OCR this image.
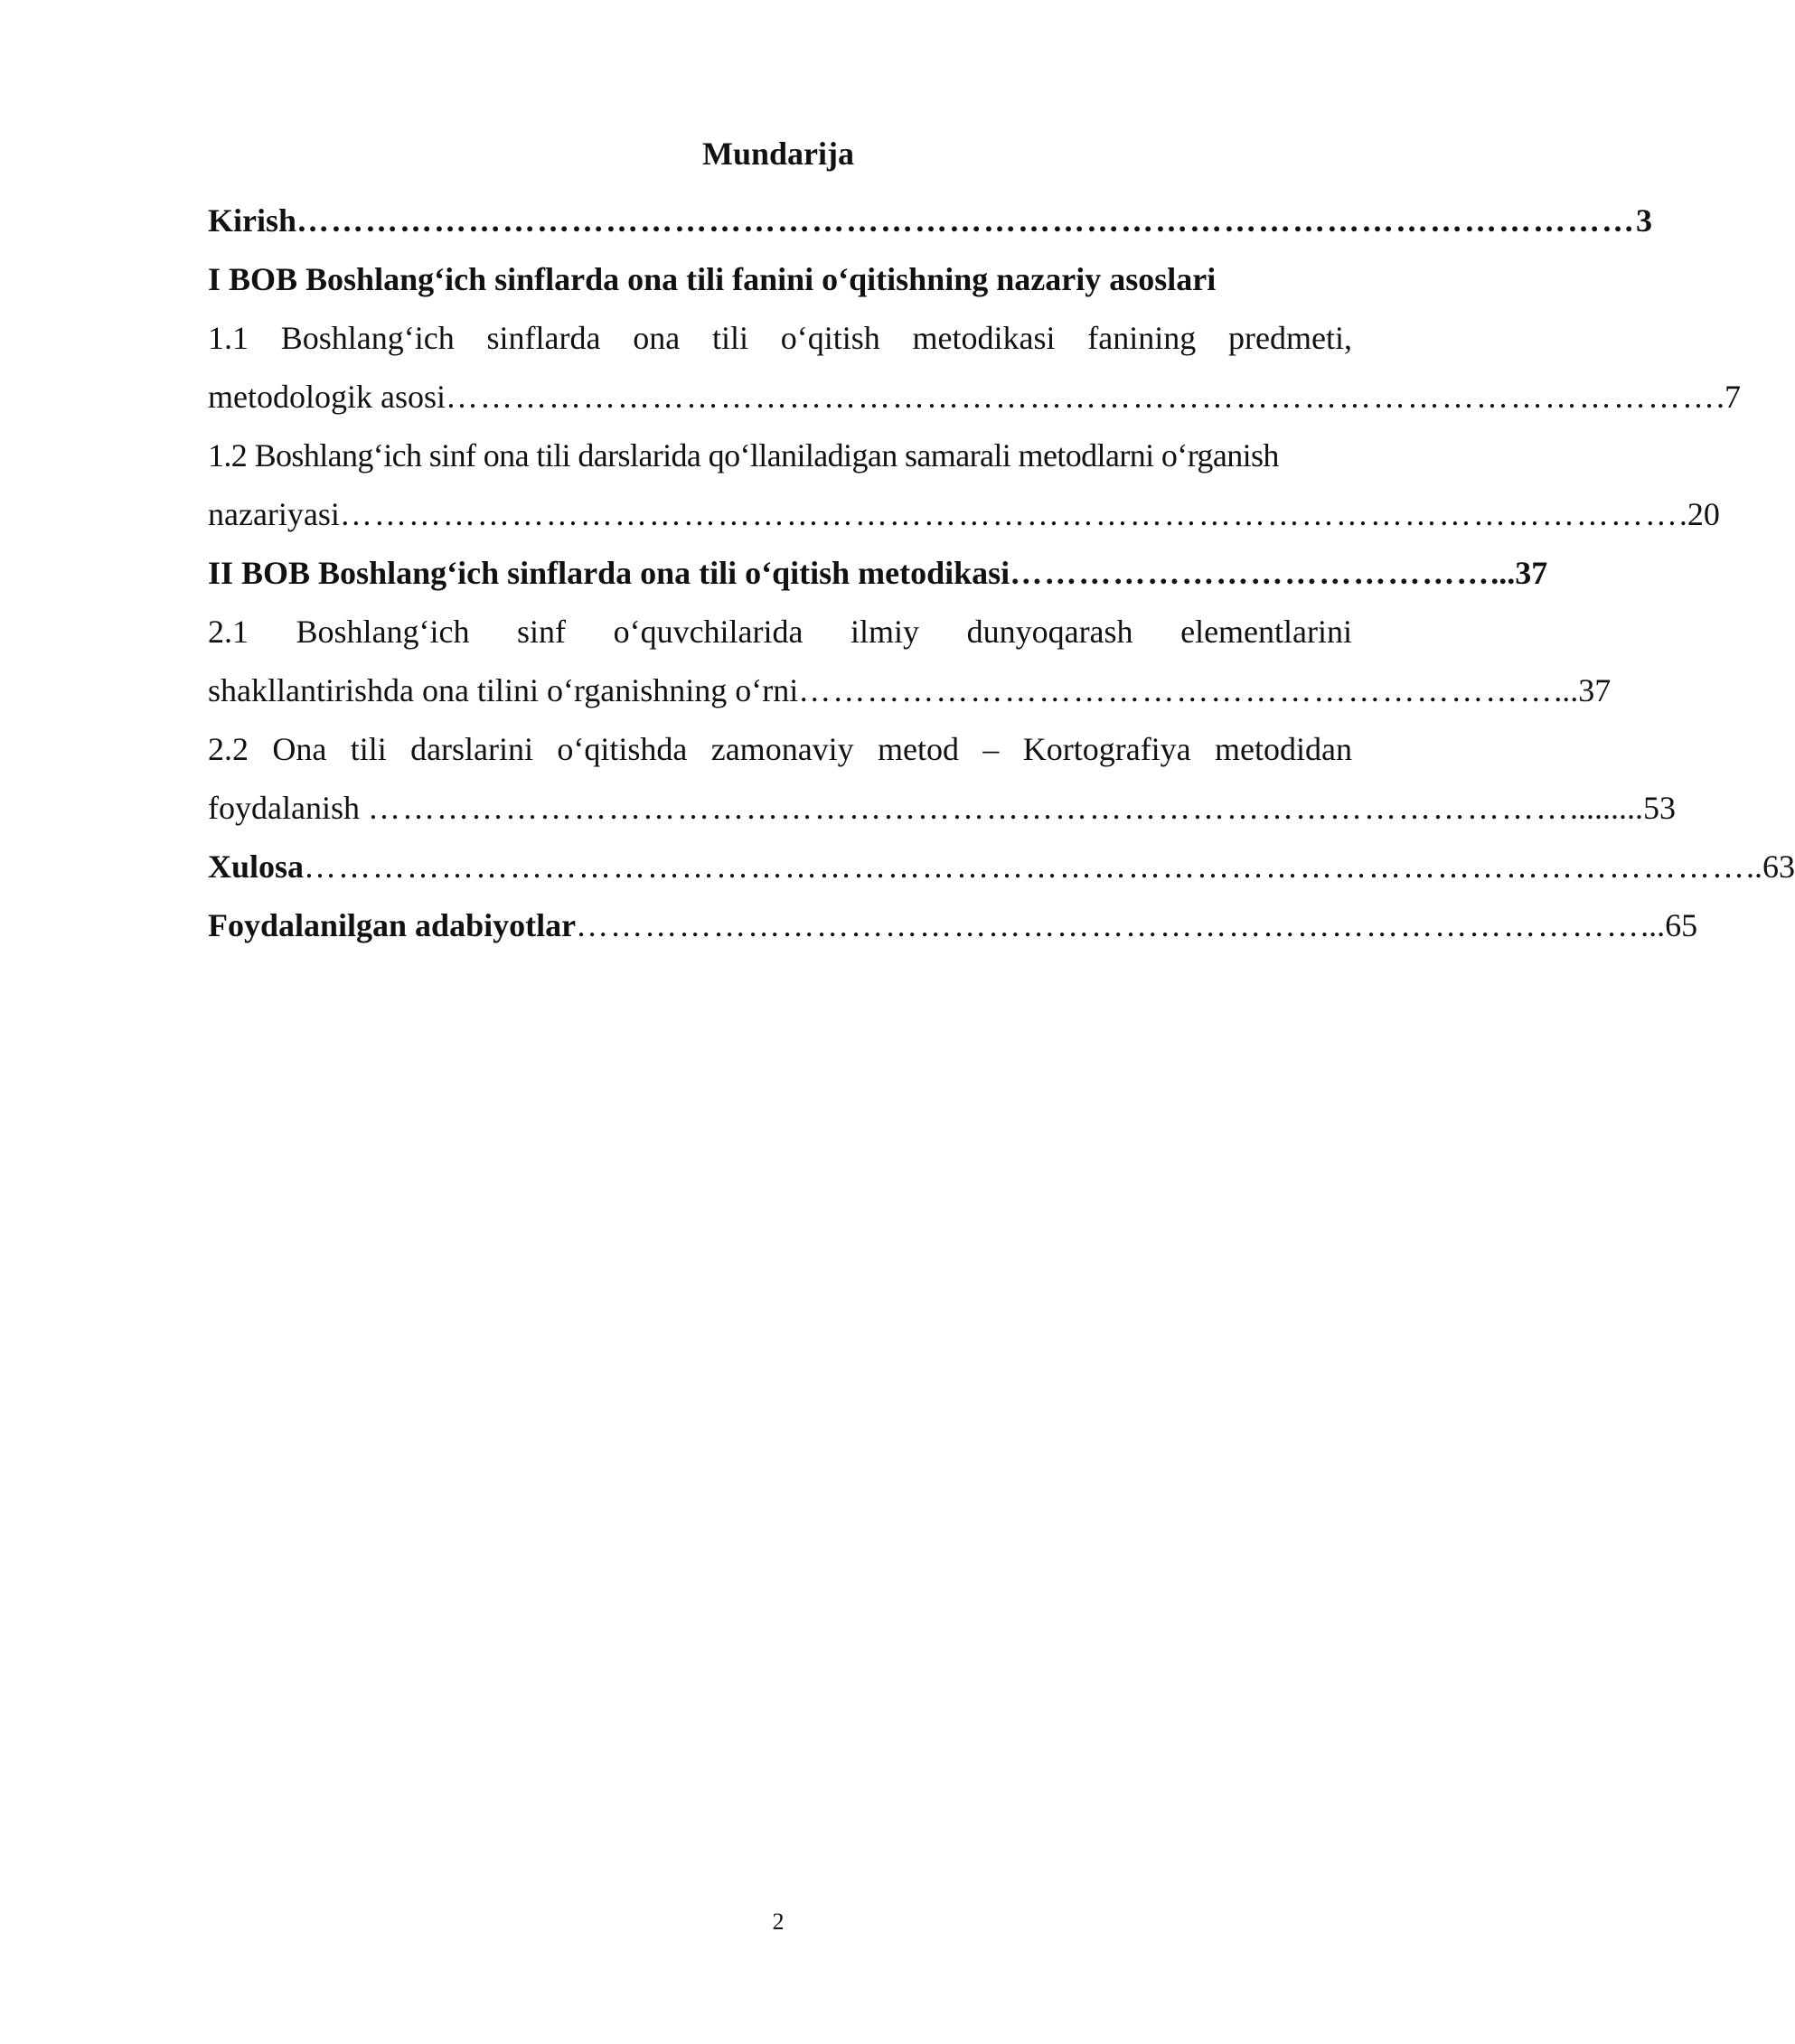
Mundarija
Kirish ……………………………………………………………………………………………………… 3
I BOB Boshlang‘ich sinflarda ona tili fanini o‘qitishning nazariy asoslari
1.1 Boshlang‘ich sinflarda ona tili o‘qitish metodikasi fanining predmeti,
metodologik asosi ………………………………………………………………………………………………… .7
1.2 Boshlang‘ich sinf ona tili darslarida qo‘llaniladigan samarali metodlarni o‘rganish
nazariyasi ……………………………………………………………………………………………………… .20
II BOB Boshlang‘ich sinflarda ona tili o‘qitish metodikasi …………………………………… ...37
2.1 Boshlang‘ich sinf o‘quvchilarida ilmiy dunyoqarash elementlarini
shakllantirishda ona tilini o‘rganishning o‘rni ………………………………………………………… ...37
2.2 Ona tili darslarini o‘qitishda zamonaviy metod – Kortografiya metodidan
foydalanish …………………………………………………………………………………………… .........53
Xulosa ……………………………………………………………………………………………………………… ..63
Foydalanilgan adabiyotlar ………………………………………………………………………………… ...65
2
